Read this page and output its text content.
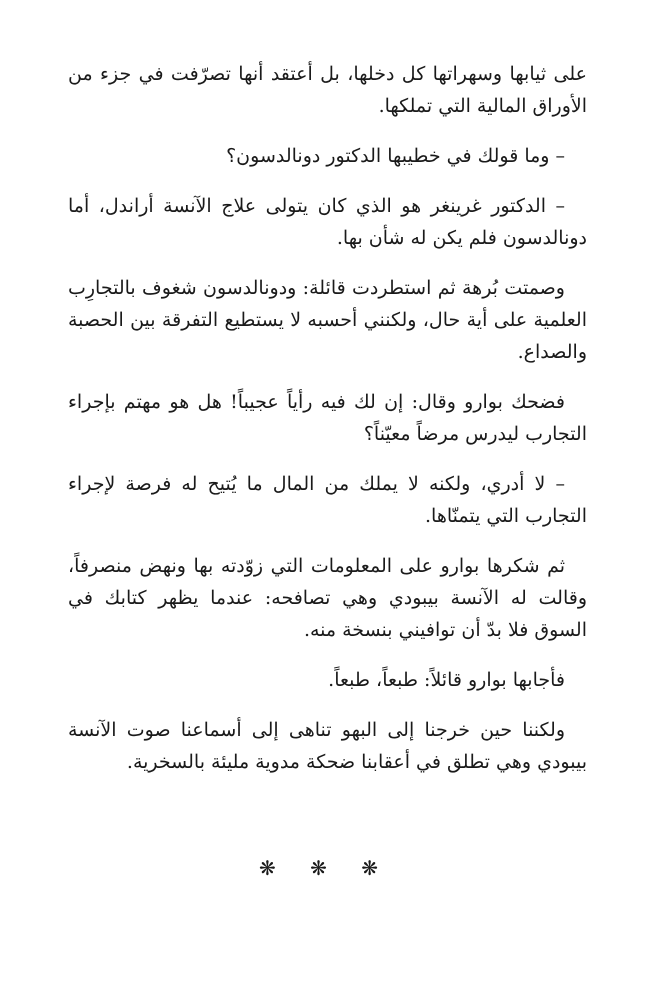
على ثيابها وسهراتها كل دخلها، بل أعتقد أنها تصرّفت في جزء من الأوراق المالية التي تملكها.

– وما قولك في خطيبها الدكتور دونالدسون؟

– الدكتور غرينغر هو الذي كان يتولى علاج الآنسة أراندل، أما دونالدسون فلم يكن له شأن بها.

وصمتت بُرهة ثم استطردت قائلة: ودونالدسون شغوف بالتجارِب العلمية على أية حال، ولكنني أحسبه لا يستطيع التفرقة بين الحصبة والصداع.

فضحك بوارو وقال: إن لك فيه رأياً عجيباً! هل هو مهتم بإجراء التجارب ليدرس مرضاً معيّناً؟

– لا أدري، ولكنه لا يملك من المال ما يُتيح له فرصة لإجراء التجارب التي يتمنّاها.

ثم شكرها بوارو على المعلومات التي زوّدته بها ونهض منصرفاً، وقالت له الآنسة بيبودي وهي تصافحه: عندما يظهر كتابك في السوق فلا بدّ أن توافيني بنسخة منه.

فأجابها بوارو قائلاً: طبعاً، طبعاً.

ولكننا حين خرجنا إلى البهو تناهى إلى أسماعنا صوت الآنسة بيبودي وهي تطلق في أعقابنا ضحكة مدوية مليئة بالسخرية.

❋ ❋ ❋
